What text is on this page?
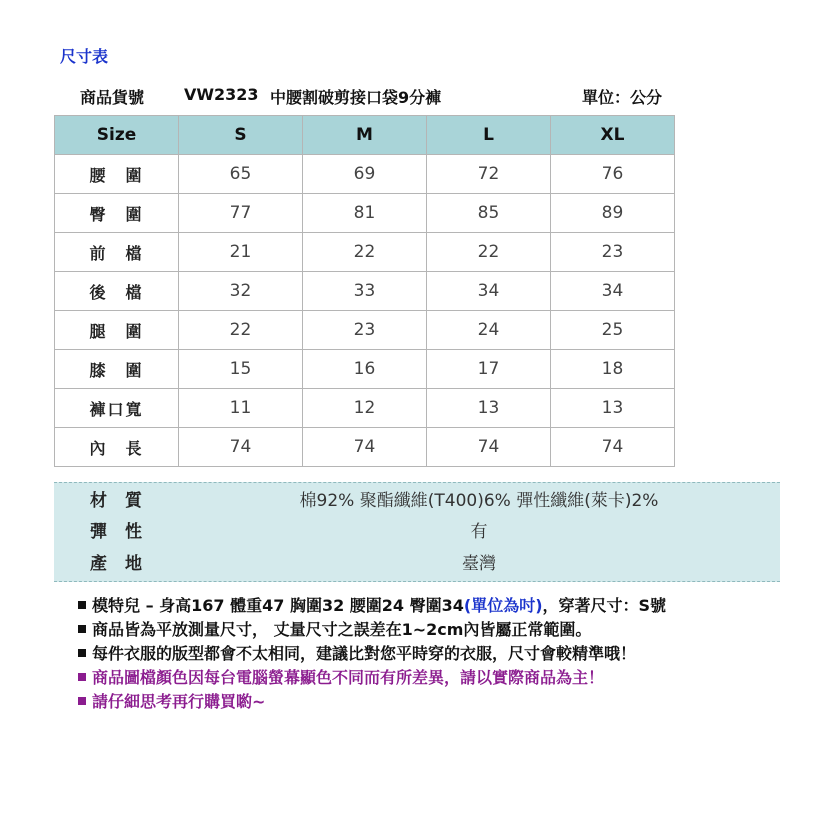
尺寸表
商品貨號 VW2323 中腰割破剪接口袋9分褲	單位：公分
Size	S	M	L	XL
腰　圍	65	69	72	76
臀　圍	77	81	85	89
前　檔	21	22	22	23
後　檔	32	33	34	34
腿　圍	22	23	24	25
膝　圍	15	16	17	18
褲口寬	11	12	13	13
內　長	74	74	74	74
材質	棉92% 聚酯纖維(T400)6% 彈性纖維(萊卡)2%
彈性	有
產地	臺灣
模特兒 – 身高167 體重47 胸圍32 腰圍24 臀圍34(單位為吋)，穿著尺寸：S號
商品皆為平放測量尺寸， 丈量尺寸之誤差在1~2cm內皆屬正常範圍。
每件衣服的版型都會不太相同，建議比對您平時穿的衣服，尺寸會較精準哦！
商品圖檔顏色因每台電腦螢幕顯色不同而有所差異，請以實際商品為主！
請仔細思考再行購買喲~
